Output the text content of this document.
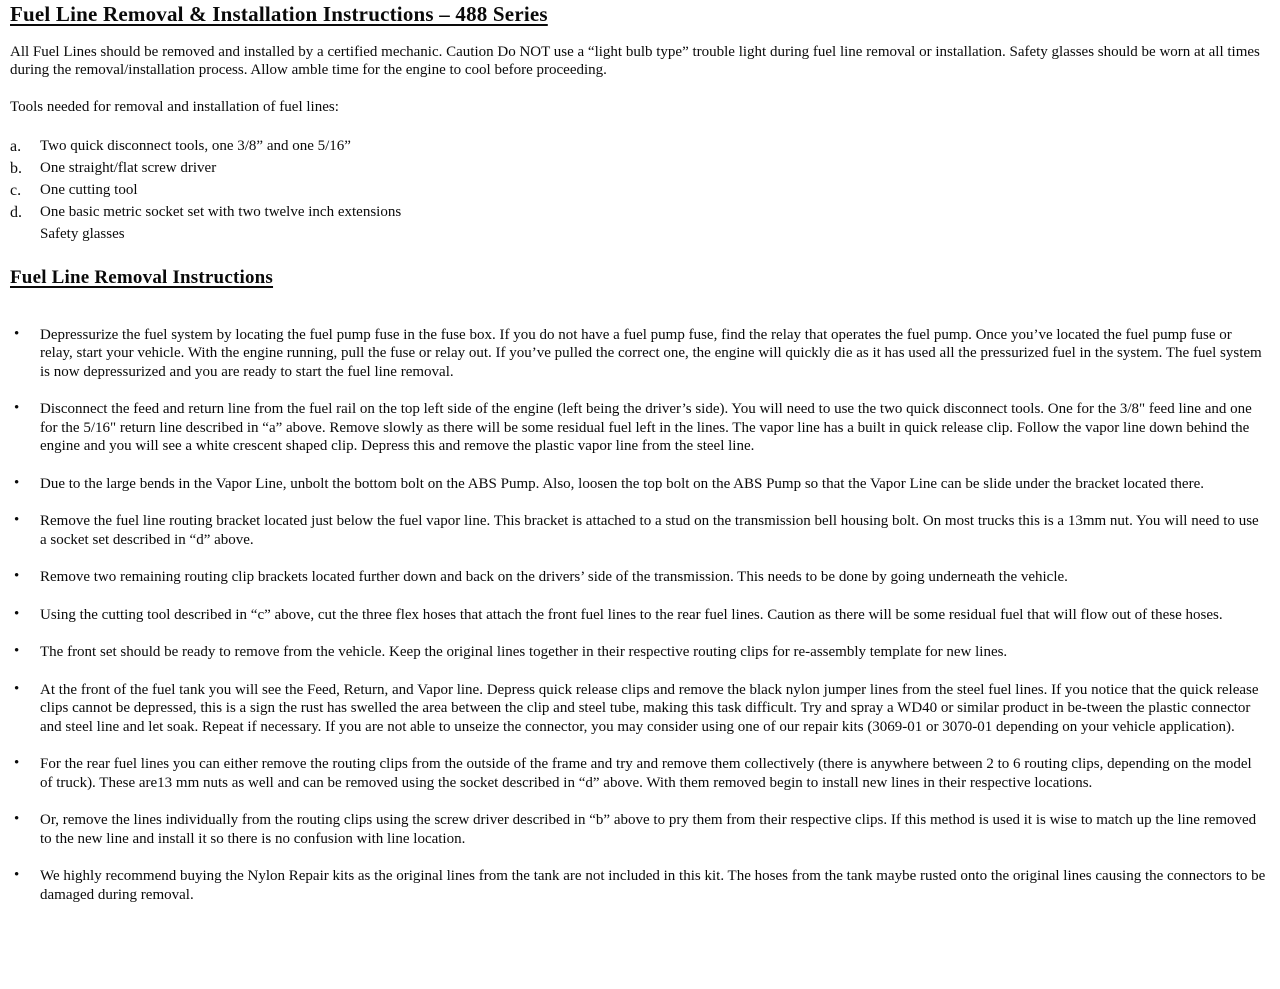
Fuel Line Removal & Installation Instructions – 488 Series

All Fuel Lines should be removed and installed by a certified mechanic. Caution Do NOT use a “light bulb type” trouble light during fuel line removal or installation. Safety glasses should be worn at all times during the removal/installation process. Allow amble time for the engine to cool before proceeding.

Tools needed for removal and installation of fuel lines:

a.	Two quick disconnect tools, one 3/8” and one 5/16”
b.	One straight/flat screw driver
c.	One cutting tool
d.	One basic metric socket set with two twelve inch extensions
Safety glasses
Fuel Line Removal Instructions
• Depressurize the fuel system by locating the fuel pump fuse in the fuse box. If you do not have a fuel pump fuse, find the relay that operates the fuel pump. Once you’ve located the fuel pump fuse or relay, start your vehicle. With the engine running, pull the fuse or relay out. If you’ve pulled the correct one, the engine will quickly die as it has used all the pressurized fuel in the system. The fuel system is now depressurized and you are ready to start the fuel line removal.
• Disconnect the feed and return line from the fuel rail on the top left side of the engine (left being the driver’s side). You will need to use the two quick disconnect tools. One for the 3/8" feed line and one for the 5/16" return line described in “a” above. Remove slowly as there will be some residual fuel left in the lines. The vapor line has a built in quick release clip. Follow the vapor line down behind the engine and you will see a white crescent shaped clip. Depress this and remove the plastic vapor line from the steel line.
• Due to the large bends in the Vapor Line, unbolt the bottom bolt on the ABS Pump. Also, loosen the top bolt on the ABS Pump so that the Vapor Line can be slide under the bracket located there.
• Remove the fuel line routing bracket located just below the fuel vapor line. This bracket is attached to a stud on the transmission bell housing bolt. On most trucks this is a 13mm nut. You will need to use a socket set described in “d” above.
• Remove two remaining routing clip brackets located further down and back on the drivers’ side of the transmission. This needs to be done by going underneath the vehicle.
• Using the cutting tool described in “c” above, cut the three flex hoses that attach the front fuel lines to the rear fuel lines. Caution as there will be some residual fuel that will flow out of these hoses.
• The front set should be ready to remove from the vehicle. Keep the original lines together in their respective routing clips for re-assembly template for new lines.
• At the front of the fuel tank you will see the Feed, Return, and Vapor line. Depress quick release clips and remove the black nylon jumper lines from the steel fuel lines. If you notice that the quick release clips cannot be depressed, this is a sign the rust has swelled the area between the clip and steel tube, making this task difficult. Try and spray a WD40 or similar product in be-tween the plastic connector and steel line and let soak. Repeat if necessary. If you are not able to unseize the connector, you may consider using one of our repair kits (3069-01 or 3070-01 depending on your vehicle application).
• For the rear fuel lines you can either remove the routing clips from the outside of the frame and try and remove them collectively (there is anywhere between 2 to 6 routing clips, depending on the model of truck). These are13 mm nuts as well and can be removed using the socket described in “d” above. With them removed begin to install new lines in their respective locations.
• Or, remove the lines individually from the routing clips using the screw driver described in “b” above to pry them from their respective clips. If this method is used it is wise to match up the line removed to the new line and install it so there is no confusion with line location.
• We highly recommend buying the Nylon Repair kits as the original lines from the tank are not included in this kit. The hoses from the tank maybe rusted onto the original lines causing the connectors to be damaged during removal.
